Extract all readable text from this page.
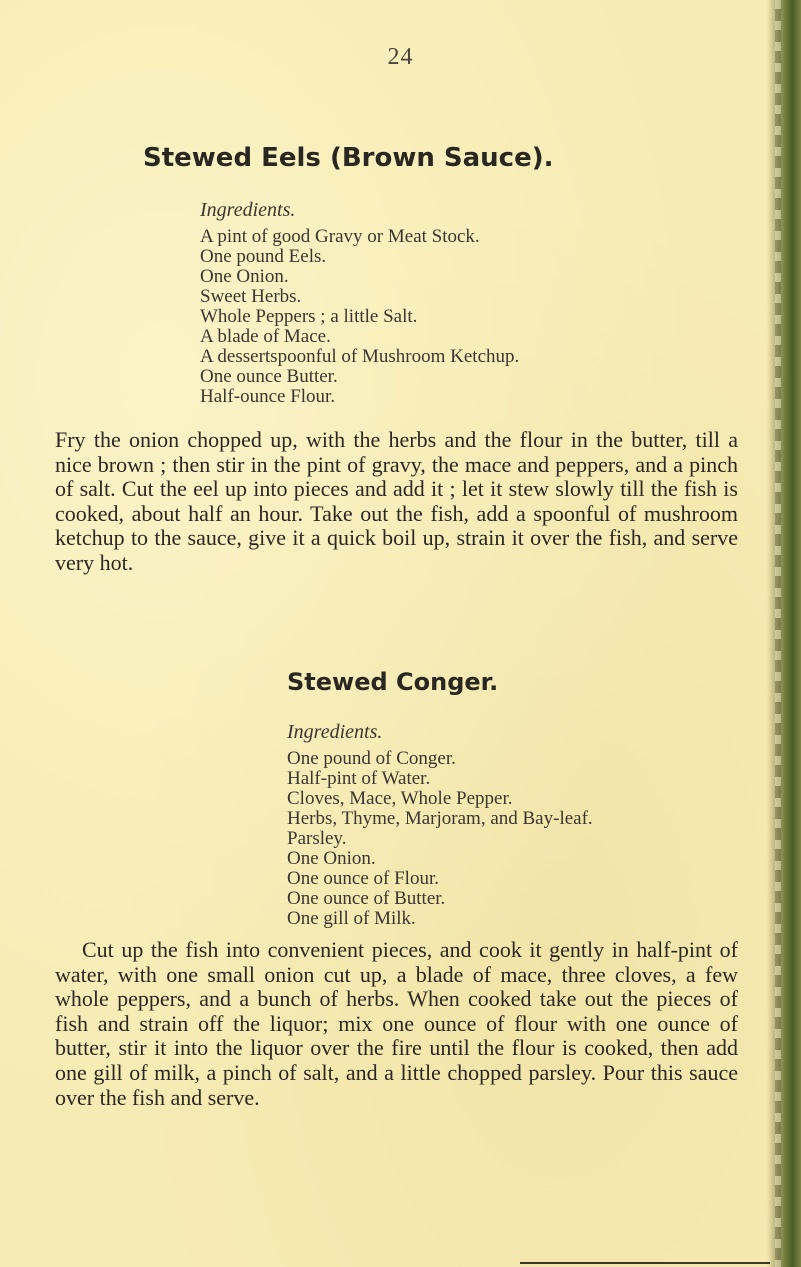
24
Stewed Eels (Brown Sauce).
Ingredients.
A pint of good Gravy or Meat Stock.
One pound Eels.
One Onion.
Sweet Herbs.
Whole Peppers ; a little Salt.
A blade of Mace.
A dessertspoonful of Mushroom Ketchup.
One ounce Butter.
Half-ounce Flour.

Fry the onion chopped up, with the herbs and the flour in the butter, till a nice brown ; then stir in the pint of gravy, the mace and peppers, and a pinch of salt. Cut the eel up into pieces and add it ; let it stew slowly till the fish is cooked, about half an hour. Take out the fish, add a spoonful of mushroom ketchup to the sauce, give it a quick boil up, strain it over the fish, and serve very hot.

Stewed Conger.
Ingredients.
One pound of Conger.
Half-pint of Water.
Cloves, Mace, Whole Pepper.
Herbs, Thyme, Marjoram, and Bay-leaf.
Parsley.
One Onion.
One ounce of Flour.
One ounce of Butter.
One gill of Milk.

Cut up the fish into convenient pieces, and cook it gently in half-pint of water, with one small onion cut up, a blade of mace, three cloves, a few whole peppers, and a bunch of herbs. When cooked take out the pieces of fish and strain off the liquor; mix one ounce of flour with one ounce of butter, stir it into the liquor over the fire until the flour is cooked, then add one gill of milk, a pinch of salt, and a little chopped parsley. Pour this sauce over the fish and serve.
